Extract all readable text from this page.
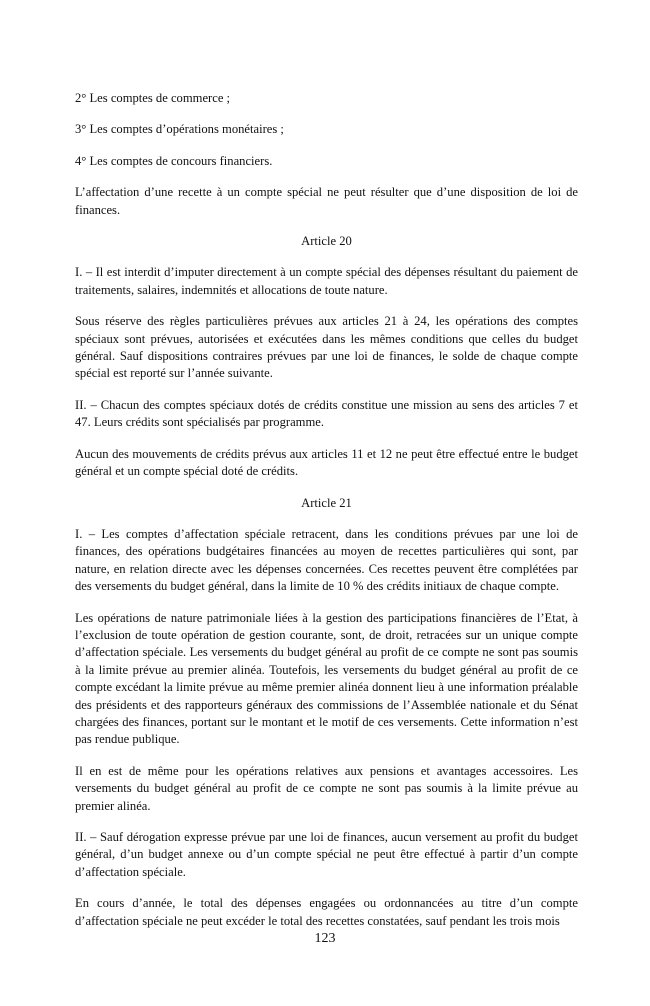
2° Les comptes de commerce ;

3° Les comptes d’opérations monétaires ;

4° Les comptes de concours financiers.

L’affectation d’une recette à un compte spécial ne peut résulter que d’une disposition de loi de finances.

Article 20

I. – Il est interdit d’imputer directement à un compte spécial des dépenses résultant du paiement de traitements, salaires, indemnités et allocations de toute nature.

Sous réserve des règles particulières prévues aux articles 21 à 24, les opérations des comptes spéciaux sont prévues, autorisées et exécutées dans les mêmes conditions que celles du budget général. Sauf dispositions contraires prévues par une loi de finances, le solde de chaque compte spécial est reporté sur l’année suivante.

II. – Chacun des comptes spéciaux dotés de crédits constitue une mission au sens des articles 7 et 47. Leurs crédits sont spécialisés par programme.

Aucun des mouvements de crédits prévus aux articles 11 et 12 ne peut être effectué entre le budget général et un compte spécial doté de crédits.

Article 21

I. – Les comptes d’affectation spéciale retracent, dans les conditions prévues par une loi de finances, des opérations budgétaires financées au moyen de recettes particulières qui sont, par nature, en relation directe avec les dépenses concernées. Ces recettes peuvent être complétées par des versements du budget général, dans la limite de 10 % des crédits initiaux de chaque compte.

Les opérations de nature patrimoniale liées à la gestion des participations financières de l’Etat, à l’exclusion de toute opération de gestion courante, sont, de droit, retracées sur un unique compte d’affectation spéciale. Les versements du budget général au profit de ce compte ne sont pas soumis à la limite prévue au premier alinéa. Toutefois, les versements du budget général au profit de ce compte excédant la limite prévue au même premier alinéa donnent lieu à une information préalable des présidents et des rapporteurs généraux des commissions de l’Assemblée nationale et du Sénat chargées des finances, portant sur le montant et le motif de ces versements. Cette information n’est pas rendue publique.

Il en est de même pour les opérations relatives aux pensions et avantages accessoires. Les versements du budget général au profit de ce compte ne sont pas soumis à la limite prévue au premier alinéa.

II. – Sauf dérogation expresse prévue par une loi de finances, aucun versement au profit du budget général, d’un budget annexe ou d’un compte spécial ne peut être effectué à partir d’un compte d’affectation spéciale.

En cours d’année, le total des dépenses engagées ou ordonnancées au titre d’un compte d’affectation spéciale ne peut excéder le total des recettes constatées, sauf pendant les trois mois

123
